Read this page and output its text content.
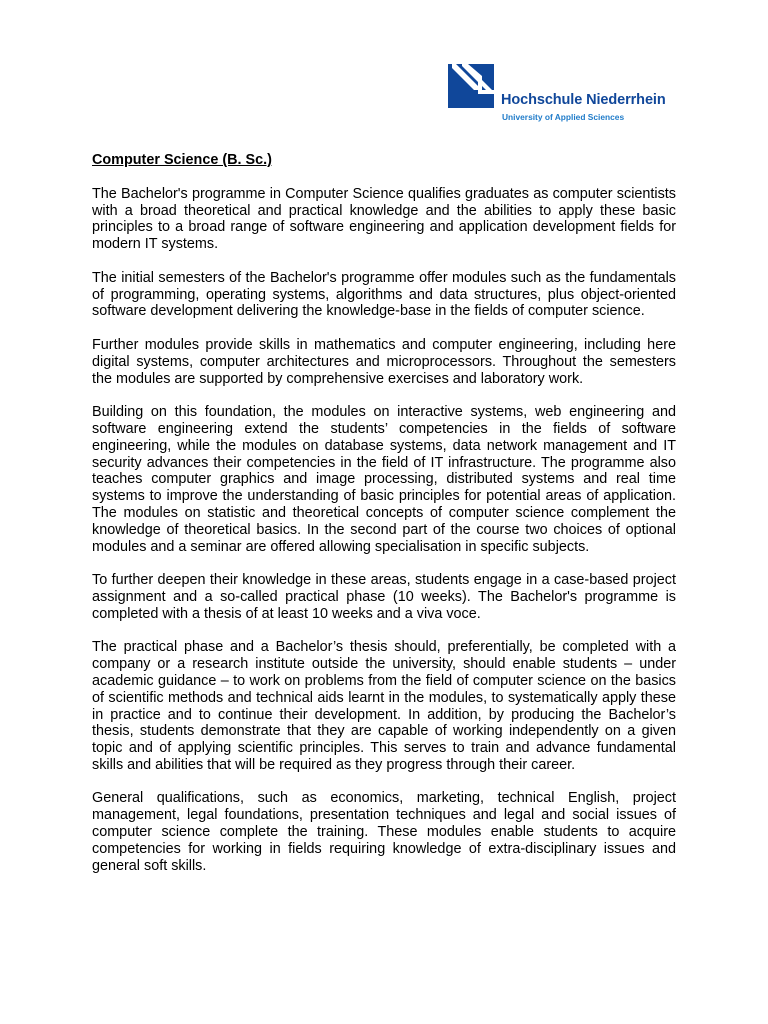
Hochschule Niederrhein
University of Applied Sciences
Computer Science (B. Sc.)

The Bachelor's programme in Computer Science qualifies graduates as computer scientists with a broad theoretical and practical knowledge and the abilities to apply these basic principles to a broad range of software engineering and application development fields for modern IT systems.

The initial semesters of the Bachelor's programme offer modules such as the fundamentals of programming, operating systems, algorithms and data structures, plus object-oriented software development delivering the knowledge-base in the fields of computer science.

Further modules provide skills in mathematics and computer engineering, including here digital systems, computer architectures and microprocessors. Throughout the semesters the modules are supported by comprehensive exercises and laboratory work.

Building on this foundation, the modules on interactive systems, web engineering and software engineering extend the students’ competencies in the fields of software engineering, while the modules on database systems, data network management and IT security advances their competencies in the field of IT infrastructure. The programme also teaches computer graphics and image processing, distributed systems and real time systems to improve the understanding of basic principles for potential areas of application. The modules on statistic and theoretical concepts of computer science complement the knowledge of theoretical basics. In the second part of the course two choices of optional modules and a seminar are offered allowing specialisation in specific subjects.

To further deepen their knowledge in these areas, students engage in a case-based project assignment and a so-called practical phase (10 weeks). The Bachelor's programme is completed with a thesis of at least 10 weeks and a viva voce.

The practical phase and a Bachelor’s thesis should, preferentially, be completed with a company or a research institute outside the university, should enable students – under academic guidance – to work on problems from the field of computer science on the basics of scientific methods and technical aids learnt in the modules, to systematically apply these in practice and to continue their development. In addition, by producing the Bachelor’s thesis, students demonstrate that they are capable of working independently on a given topic and of applying scientific principles. This serves to train and advance fundamental skills and abilities that will be required as they progress through their career.

General qualifications, such as economics, marketing, technical English, project management, legal foundations, presentation techniques and legal and social issues of computer science complete the training. These modules enable students to acquire competencies for working in fields requiring knowledge of extra-disciplinary issues and general soft skills.
